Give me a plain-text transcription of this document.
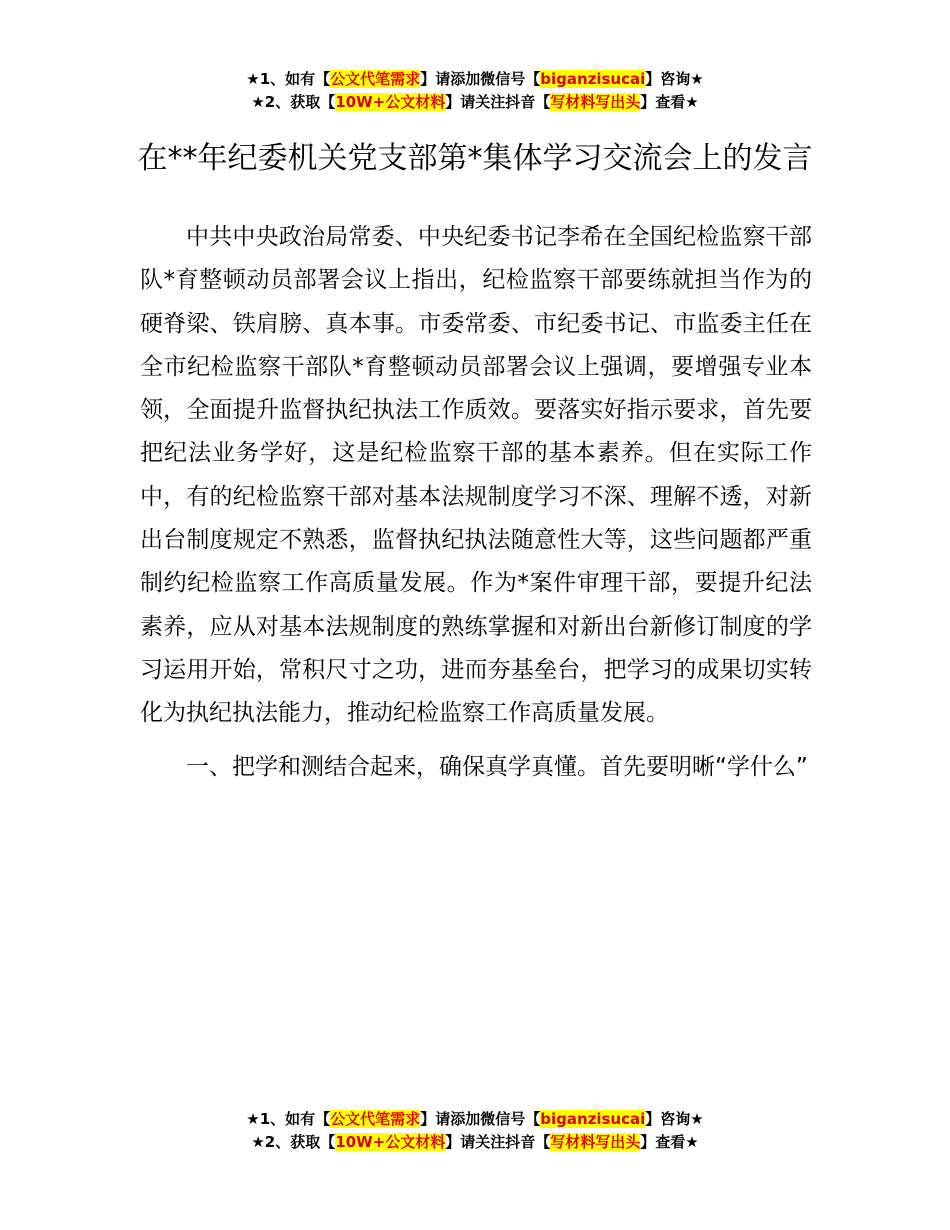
★1、如有【公文代笔需求】请添加微信号【biganzisucai】咨询★
★2、获取【10W+公文材料】请关注抖音【写材料写出头】查看★
在**年纪委机关党支部第*集体学习交流会上的发言

中共中央政治局常委、中央纪委书记李希在全国纪检监察干部队*育整顿动员部署会议上指出，纪检监察干部要练就担当作为的硬脊梁、铁肩膀、真本事。市委常委、市纪委书记、市监委主任在全市纪检监察干部队*育整顿动员部署会议上强调，要增强专业本领，全面提升监督执纪执法工作质效。要落实好指示要求，首先要把纪法业务学好，这是纪检监察干部的基本素养。但在实际工作中，有的纪检监察干部对基本法规制度学习不深、理解不透，对新出台制度规定不熟悉，监督执纪执法随意性大等，这些问题都严重制约纪检监察工作高质量发展。作为*案件审理干部，要提升纪法素养，应从对基本法规制度的熟练掌握和对新出台新修订制度的学习运用开始，常积尺寸之功，进而夯基垒台，把学习的成果切实转化为执纪执法能力，推动纪检监察工作高质量发展。

一、把学和测结合起来，确保真学真懂。首先要明晰“学什么”

★1、如有【公文代笔需求】请添加微信号【biganzisucai】咨询★
★2、获取【10W+公文材料】请关注抖音【写材料写出头】查看★
